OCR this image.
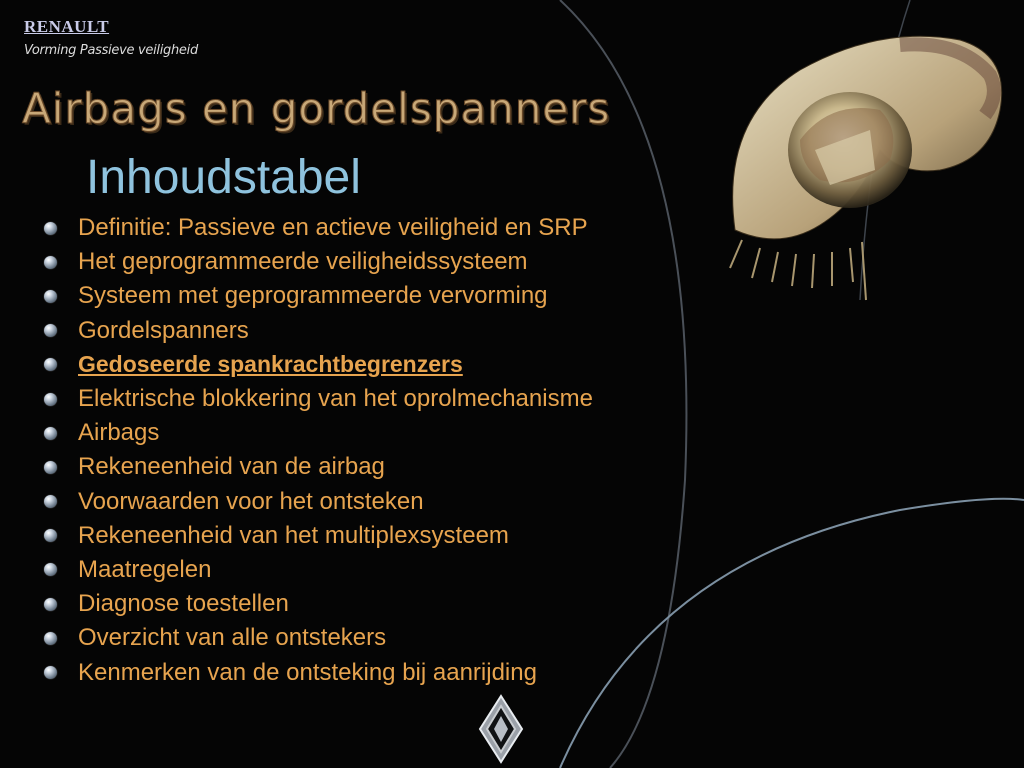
RENAULT
Vorming Passieve veiligheid
Airbags en gordelspanners
Inhoudstabel
Definitie: Passieve en actieve veiligheid en SRP
Het geprogrammeerde veiligheidssysteem
Systeem met geprogrammeerde vervorming
Gordelspanners
Gedoseerde spankrachtbegrenzers
Elektrische blokkering van het oprolmechanisme
Airbags
Rekeneenheid van de airbag
Voorwaarden voor het ontsteken
Rekeneenheid van het multiplexsysteem
Maatregelen
Diagnose toestellen
Overzicht van alle ontstekers
Kenmerken van de ontsteking bij aanrijding
